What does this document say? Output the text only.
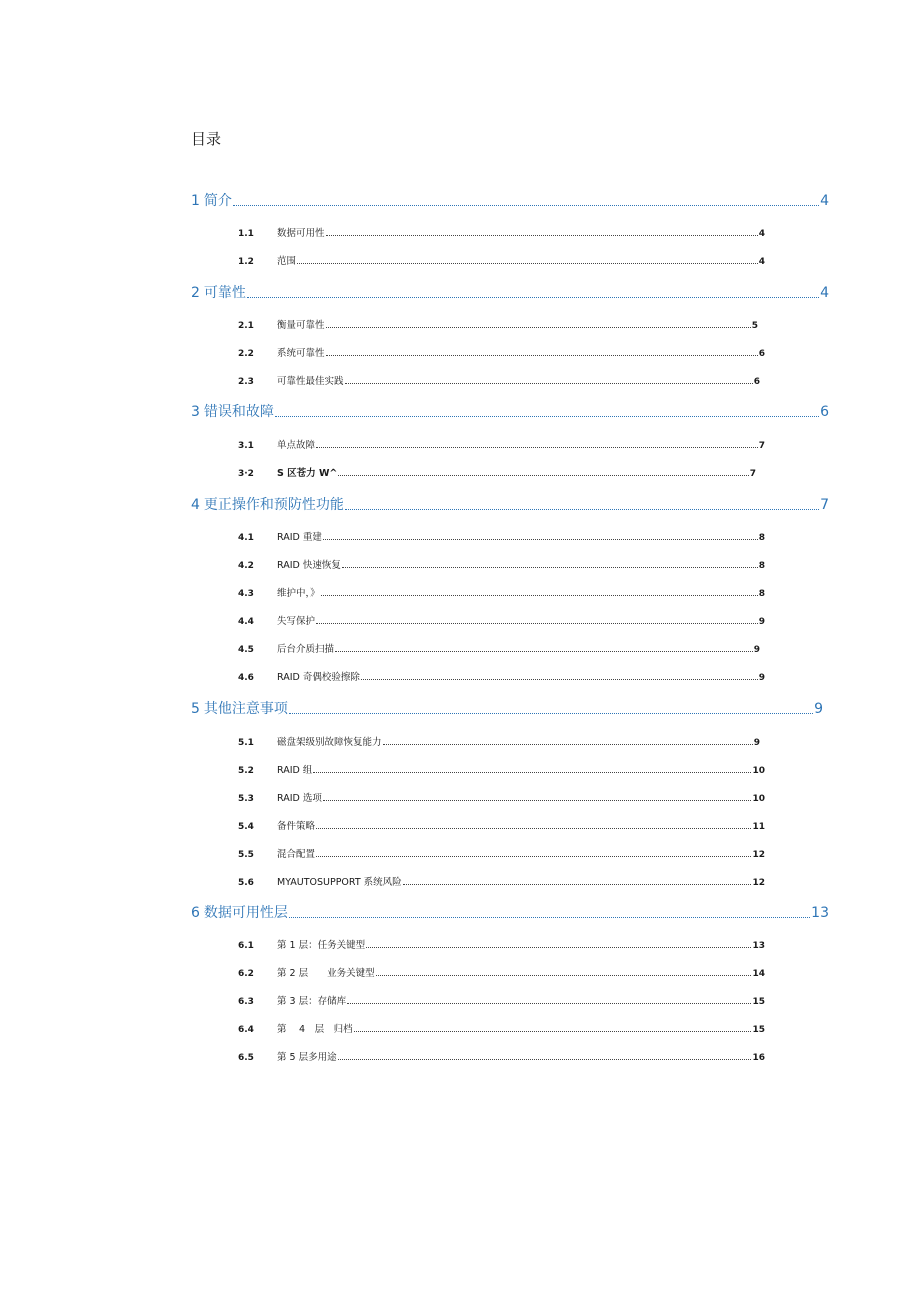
目录
1 简介	4
1.1	数据可用性	4
1.2	范围	4
2 可靠性	4
2.1	衡量可靠性	5
2.2	系统可靠性	6
2.3	可靠性最佳实践	6
3 错误和故障	6
3.1	单点故障	7
3·2	S 区苍力 W^	7
4 更正操作和预防性功能	7
4.1	RAID 重建	8
4.2	RAID 快速恢复	8
4.3	维护中，》	8
4.4	失写保护	9
4.5	后台介质扫描	9
4.6	RAID 奇偶校验擦除	9
5 其他注意事项	9
5.1	磁盘架级别故障恢复能力	9
5.2	RAID 组	10
5.3	RAID 选项	10
5.4	备件策略	11
5.5	混合配置	12
5.6	MYAUTOSUPPORT 系统风险	12
6 数据可用性层	13
6.1	第 1 层：任务关键型	13
6.2	第 2 层　　业务关键型	14
6.3	第 3 层：存储库	15
6.4	第　 4　层　归档	15
6.5	第 5 层多用途	16
